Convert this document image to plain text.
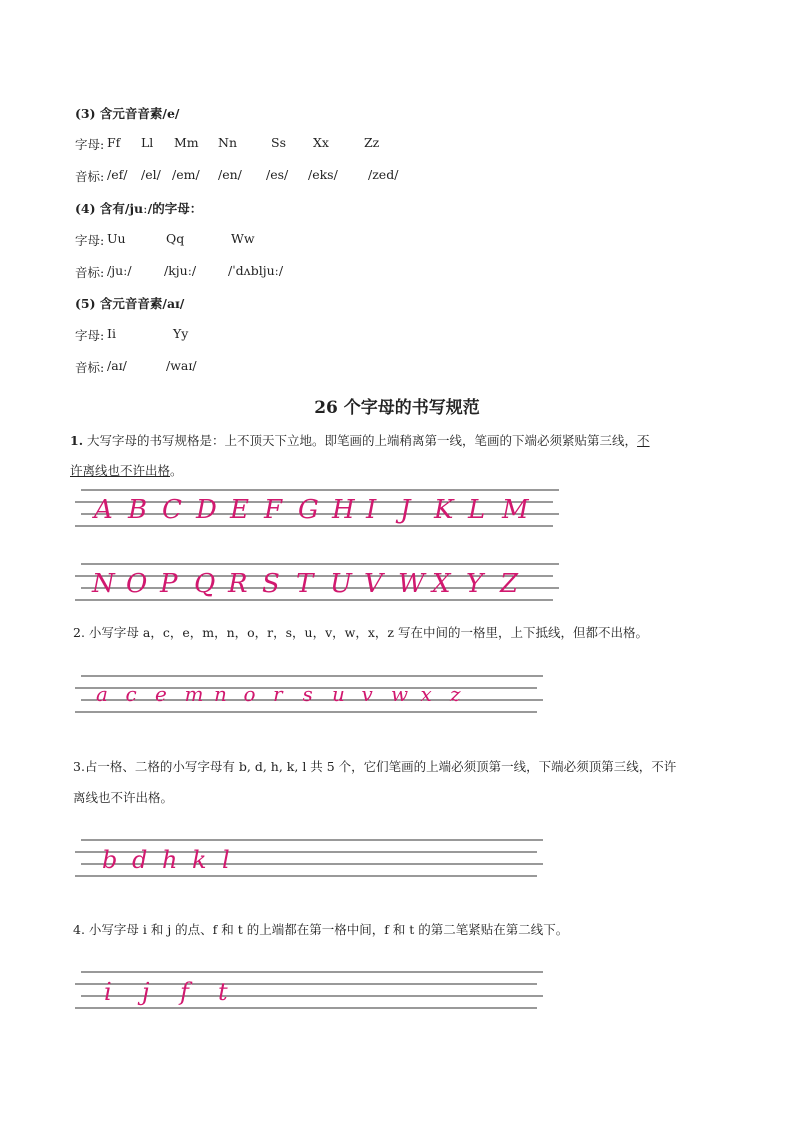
(3) 含元音音素/e/
字母: Ff Ll Mm Nn	Ss Xx	Zz
音标: /ef/ /el/ /em/ /en/ /es/ /eks/ /zed/
(4) 含有/juː/的字母：
字母: Uu	Qq	Ww
音标: /juː/	/kjuː/	/ˈdʌbljuː/
(5) 含元音音素/aɪ/
字母: Ii	Yy
音标: /aɪ/	/waɪ/
26 个字母的书写规范
1. 大写字母的书写规格是：上不顶天下立地。即笔画的上端稍离第一线，笔画的下端必须紧贴第三线，不
许离线也不许出格。
A B C D E F G H I J K L M
N O P Q R S T U V W X Y Z
2. 小写字母 a，c，e，m，n，o，r，s，u，v，w，x，z 写在中间的一格里，上下抵线，但都不出格。
a c e m n o r s u v w x z
3.占一格、二格的小写字母有 b, d, h, k, l 共 5 个，它们笔画的上端必须顶第一线，下端必须顶第三线，不许
离线也不许出格。
b d h k l
4. 小写字母 i 和 j 的点、f 和 t 的上端都在第一格中间，f 和 t 的第二笔紧贴在第二线下。
i j f t
